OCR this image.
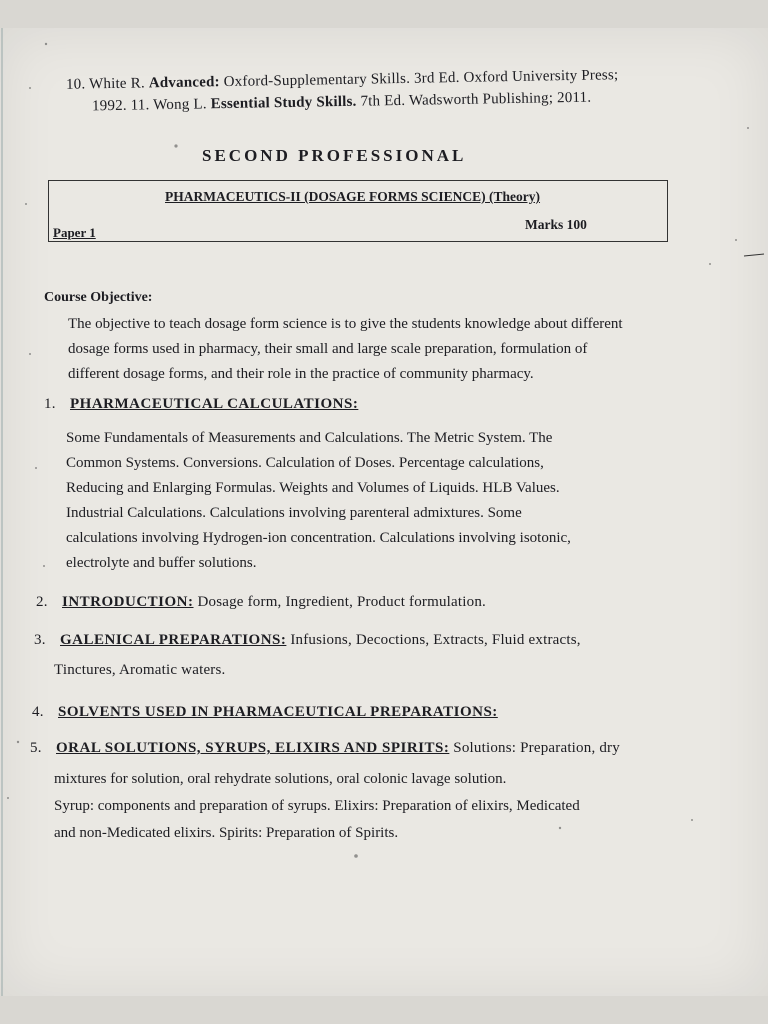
10. White R. Advanced: Oxford-Supplementary Skills. 3rd Ed. Oxford University Press;
1992. 11. Wong L. Essential Study Skills. 7th Ed. Wadsworth Publishing; 2011.
SECOND PROFESSIONAL
PHARMACEUTICS-II (DOSAGE FORMS SCIENCE) (Theory)
Paper 1
Marks 100
Course Objective:
The objective to teach dosage form science is to give the students knowledge about different
dosage forms used in pharmacy, their small and large scale preparation, formulation of
different dosage forms, and their role in the practice of community pharmacy.
1. PHARMACEUTICAL CALCULATIONS:
Some Fundamentals of Measurements and Calculations. The Metric System. The
Common Systems. Conversions. Calculation of Doses. Percentage calculations,
Reducing and Enlarging Formulas. Weights and Volumes of Liquids. HLB Values.
Industrial Calculations. Calculations involving parenteral admixtures. Some
calculations involving Hydrogen-ion concentration. Calculations involving isotonic,
electrolyte and buffer solutions.
2. INTRODUCTION: Dosage form, Ingredient, Product formulation.
3. GALENICAL PREPARATIONS: Infusions, Decoctions, Extracts, Fluid extracts,
Tinctures, Aromatic waters.
4. SOLVENTS USED IN PHARMACEUTICAL PREPARATIONS:
5. ORAL SOLUTIONS, SYRUPS, ELIXIRS AND SPIRITS: Solutions: Preparation, dry
mixtures for solution, oral rehydrate solutions, oral colonic lavage solution.
Syrup: components and preparation of syrups. Elixirs: Preparation of elixirs, Medicated
and non-Medicated elixirs. Spirits: Preparation of Spirits.
